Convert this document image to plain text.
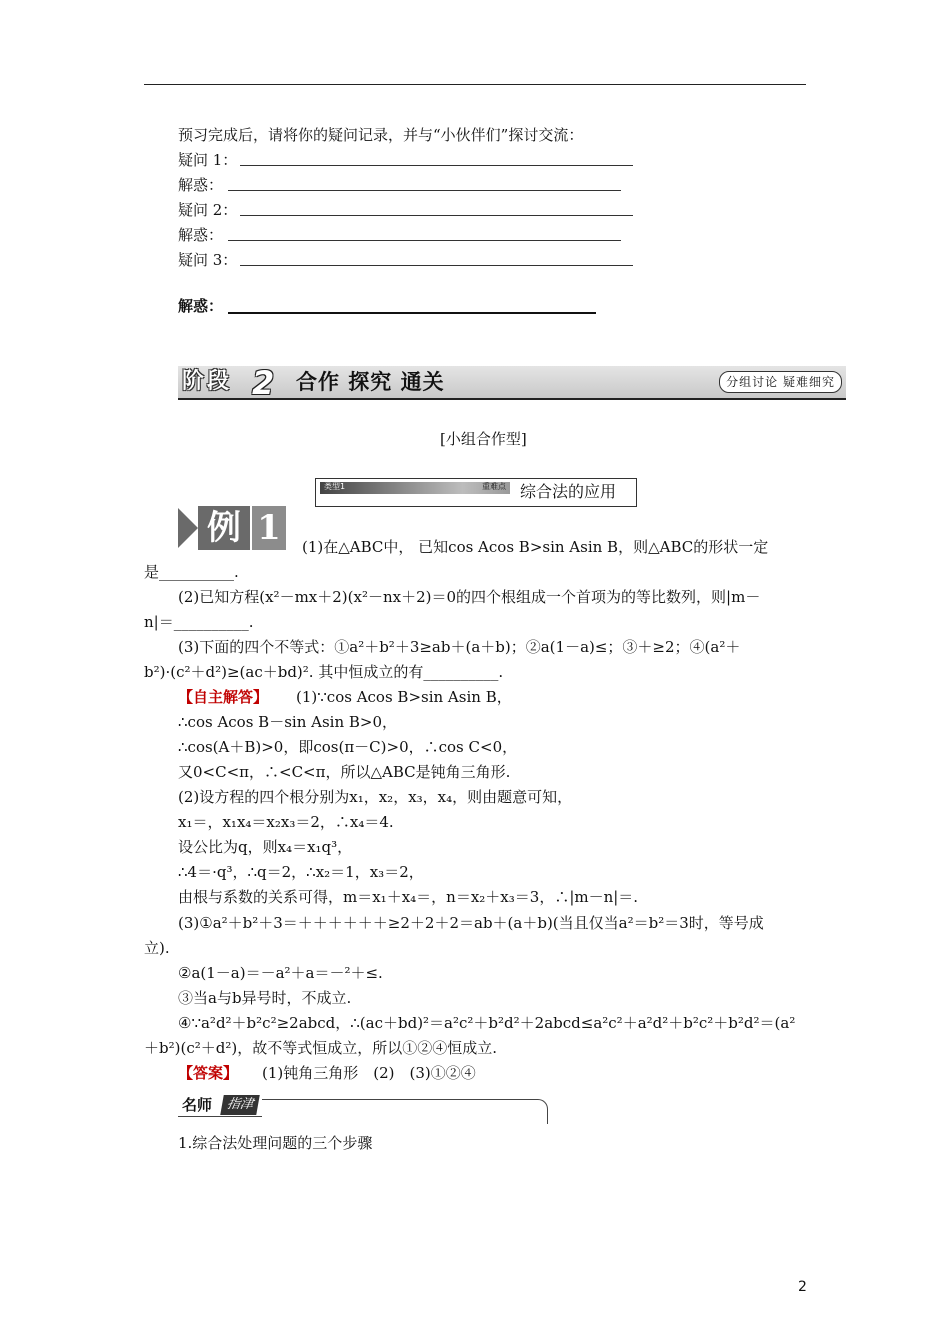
预习完成后，请将你的疑问记录，并与“小伙伴们”探讨交流：
疑问 1：
解惑：
疑问 2：
解惑：
疑问 3：
解惑：
阶段 2 合作 探究 通关	分组讨论 疑难细究
[小组合作型]
类型1	重难点 综合法的应用
例 1	(1)在△ABC中， 已知cos Acos B>sin Asin B，则△ABC的形状一定
是__________.
(2)已知方程(x²－mx＋2)(x²－nx＋2)＝0的四个根组成一个首项为的等比数列，则|m－
n|＝__________.
(3)下面的四个不等式：①a²＋b²＋3≥ab＋(a＋b)；②a(1－a)≤；③＋≥2；④(a²＋
b²)·(c²＋d²)≥(ac＋bd)². 其中恒成立的有__________.
【自主解答】 (1)∵cos Acos B>sin Asin B，
∴cos Acos B－sin Asin B>0，
∴cos(A＋B)>0，即cos(π－C)>0，∴cos C<0，
又0<C<π，∴<C<π，所以△ABC是钝角三角形.
(2)设方程的四个根分别为x₁，x₂，x₃，x₄，则由题意可知，
x₁＝，x₁x₄＝x₂x₃＝2，∴x₄＝4.
设公比为q，则x₄＝x₁q³，
∴4＝·q³，∴q＝2，∴x₂＝1，x₃＝2，
由根与系数的关系可得，m＝x₁＋x₄＝，n＝x₂＋x₃＝3，∴|m－n|＝.
(3)①a²＋b²＋3＝＋＋＋＋＋＋≥2＋2＋2＝ab＋(a＋b)(当且仅当a²＝b²＝3时，等号成
立).
②a(1－a)＝－a²＋a＝－²＋≤.
③当a与b异号时，不成立.
④∵a²d²＋b²c²≥2abcd，∴(ac＋bd)²＝a²c²＋b²d²＋2abcd≤a²c²＋a²d²＋b²c²＋b²d²＝(a²
＋b²)(c²＋d²)，故不等式恒成立，所以①②④恒成立.
【答案】 (1)钝角三角形　(2)　(3)①②④
名师	指津
1.综合法处理问题的三个步骤
2
